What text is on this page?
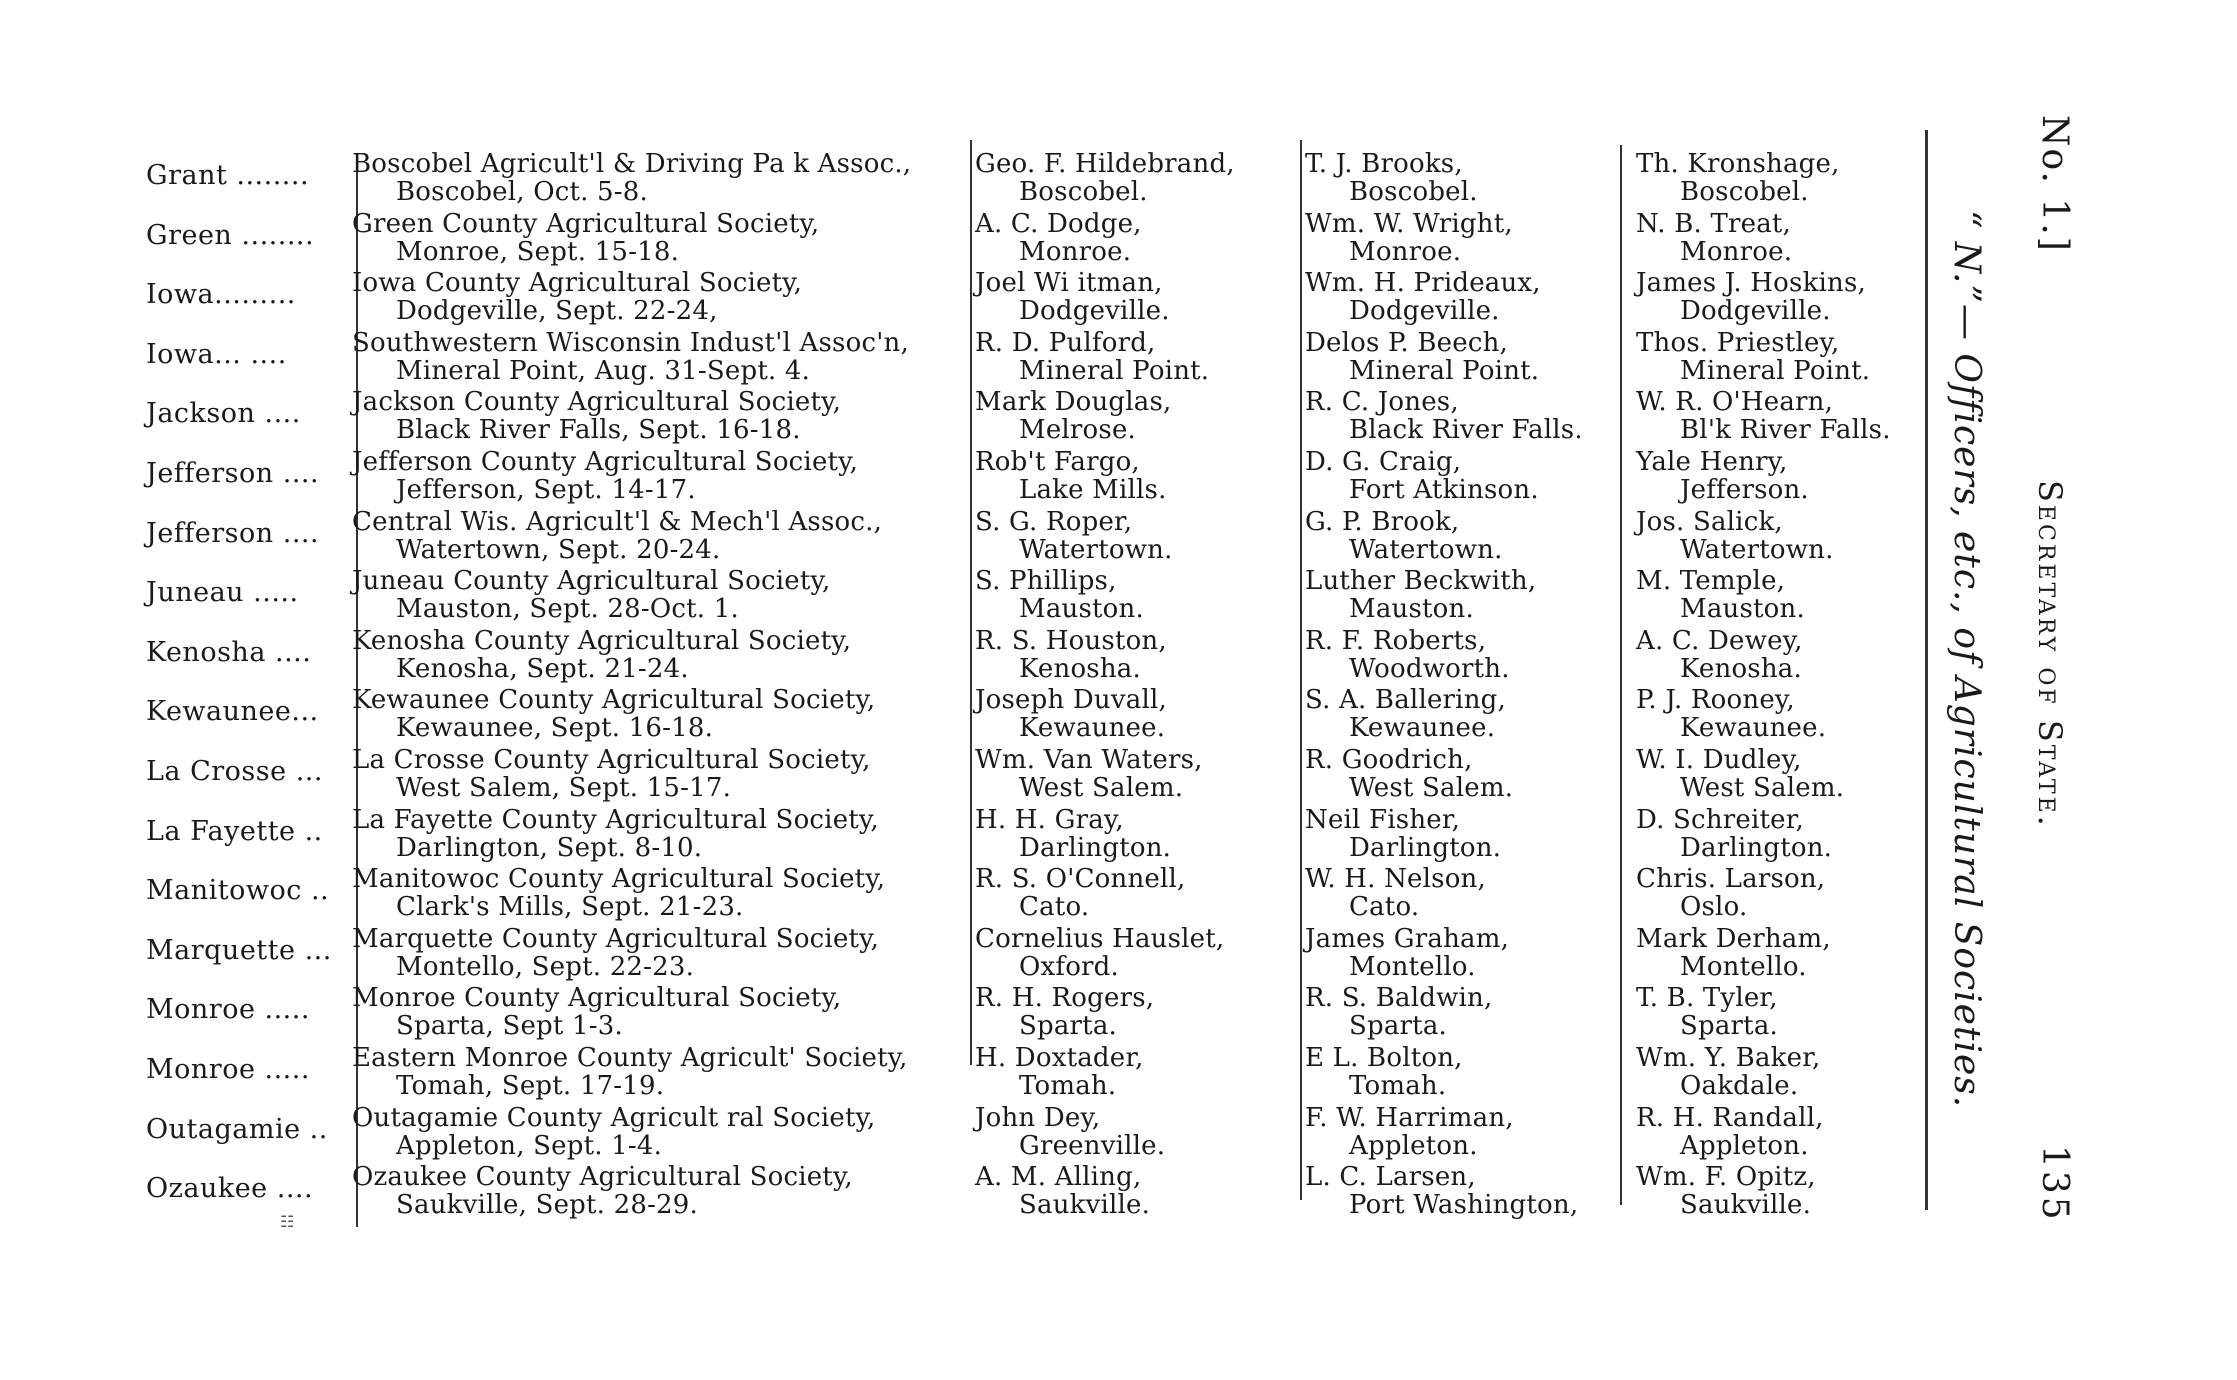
Grant ........ Boscobel Agricult'l & Driving Pa k Assoc.,
Boscobel, Oct. 5-8.
Geo. F. Hildebrand,
Boscobel.
T. J. Brooks,
Boscobel.
Th. Kronshage,
Boscobel.
Green ........ Green County Agricultural Society,
Monroe, Sept. 15-18.
A. C. Dodge,
Monroe.
Wm. W. Wright,
Monroe.
N. B. Treat,
Monroe.
Iowa......... Iowa County Agricultural Society,
Dodgeville, Sept. 22-24,
Joel Wi itman,
Dodgeville.
Wm. H. Prideaux,
Dodgeville.
James J. Hoskins,
Dodgeville.
Iowa... ....	Southwestern Wisconsin Indust'l Assoc'n,
Mineral Point, Aug. 31-Sept. 4.
R. D. Pulford,
Mineral Point.
Delos P. Beech,
Mineral Point.
Thos. Priestley,
Mineral Point.
Jackson .... Jackson County Agricultural Society,
Black River Falls, Sept. 16-18.
Mark Douglas,
Melrose.
R. C. Jones,
Black River Falls.
W. R. O'Hearn,
Bl'k River Falls.
Jefferson .... Jefferson County Agricultural Society,
Jefferson, Sept. 14-17.
Rob't Fargo,
Lake Mills.
D. G. Craig,
Fort Atkinson.
Yale Henry,
Jefferson.
Jefferson .... Central Wis. Agricult'l & Mech'l Assoc.,
Watertown, Sept. 20-24.
S. G. Roper,
Watertown.
G. P. Brook,
Watertown.
Jos. Salick,
Watertown.
Juneau ..... Juneau County Agricultural Society,
Mauston, Sept. 28-Oct. 1.
S. Phillips,
Mauston.
Luther Beckwith,
Mauston.
M. Temple,
Mauston.
Kenosha .... Kenosha County Agricultural Society,
Kenosha, Sept. 21-24.
R. S. Houston,
Kenosha.
R. F. Roberts,
Woodworth.
A. C. Dewey,
Kenosha.
Kewaunee... Kewaunee County Agricultural Society,
Kewaunee, Sept. 16-18.
Joseph Duvall,
Kewaunee.
S. A. Ballering,
Kewaunee.
P. J. Rooney,
Kewaunee.
La Crosse ... La Crosse County Agricultural Society,
West Salem, Sept. 15-17.
Wm. Van Waters,
West Salem.
R. Goodrich,
West Salem.
W. I. Dudley,
West Salem.
La Fayette .. La Fayette County Agricultural Society,
Darlington, Sept. 8-10.
H. H. Gray,
Darlington.
Neil Fisher,
Darlington.
D. Schreiter,
Darlington.
Manitowoc .. Manitowoc County Agricultural Society,
Clark's Mills, Sept. 21-23.
R. S. O'Connell,
Cato.
W. H. Nelson,
Cato.
Chris. Larson,
Oslo.
Marquette ... Marquette County Agricultural Society,
Montello, Sept. 22-23.
Cornelius Hauslet,
Oxford.
James Graham,
Montello.
Mark Derham,
Montello.
Monroe ..... Monroe County Agricultural Society,
Sparta, Sept 1-3.
R. H. Rogers,
Sparta.
R. S. Baldwin,
Sparta.
T. B. Tyler,
Sparta.
Monroe ..... Eastern Monroe County Agricult' Society,
Tomah, Sept. 17-19.
H. Doxtader,
Tomah.
E L. Bolton,
Tomah.
Wm. Y. Baker,
Oakdale.
Outagamie .. Outagamie County Agricult ral Society,
Appleton, Sept. 1-4.
John Dey,
Greenville.
F. W. Harriman,
Appleton.
R. H. Randall,
Appleton.
Ozaukee .... Ozaukee County Agricultural Society,
Saukville, Sept. 28-29.
A. M. Alling,
Saukville.
L. C. Larsen,
Port Washington,
Wm. F. Opitz,
Saukville.
“ N.”— Officers, etc., of Agricultural Societies.
No. 1.]
Secretary of State.
135
☷
